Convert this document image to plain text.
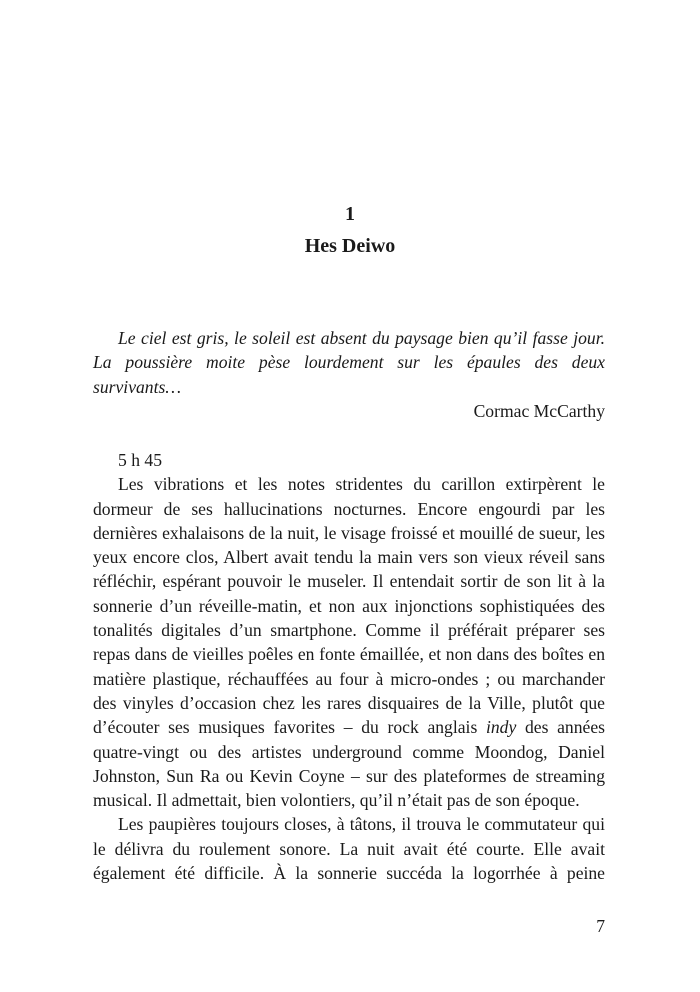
1
Hes Deiwo

Le ciel est gris, le soleil est absent du paysage bien qu’il fasse jour. La poussière moite pèse lourdement sur les épaules des deux survivants…

Cormac McCarthy

5 h 45

Les vibrations et les notes stridentes du carillon extirpèrent le dormeur de ses hallucinations nocturnes. Encore engourdi par les dernières exhalaisons de la nuit, le visage froissé et mouillé de sueur, les yeux encore clos, Albert avait tendu la main vers son vieux réveil sans réfléchir, espérant pouvoir le museler. Il entendait sortir de son lit à la sonnerie d’un réveille-matin, et non aux injonctions sophistiquées des tonalités digitales d’un smartphone. Comme il préférait préparer ses repas dans de vieilles poêles en fonte émaillée, et non dans des boîtes en matière plastique, réchauffées au four à micro-ondes ; ou marchander des vinyles d’occasion chez les rares disquaires de la Ville, plutôt que d’écouter ses musiques favorites – du rock anglais indy des années quatre-vingt ou des artistes underground comme Moondog, Daniel Johnston, Sun Ra ou Kevin Coyne – sur des plateformes de streaming musical. Il admettait, bien volontiers, qu’il n’était pas de son époque.

Les paupières toujours closes, à tâtons, il trouva le commutateur qui le délivra du roulement sonore. La nuit avait été courte. Elle avait également été difficile. À la sonnerie succéda la logorrhée à peine

7
